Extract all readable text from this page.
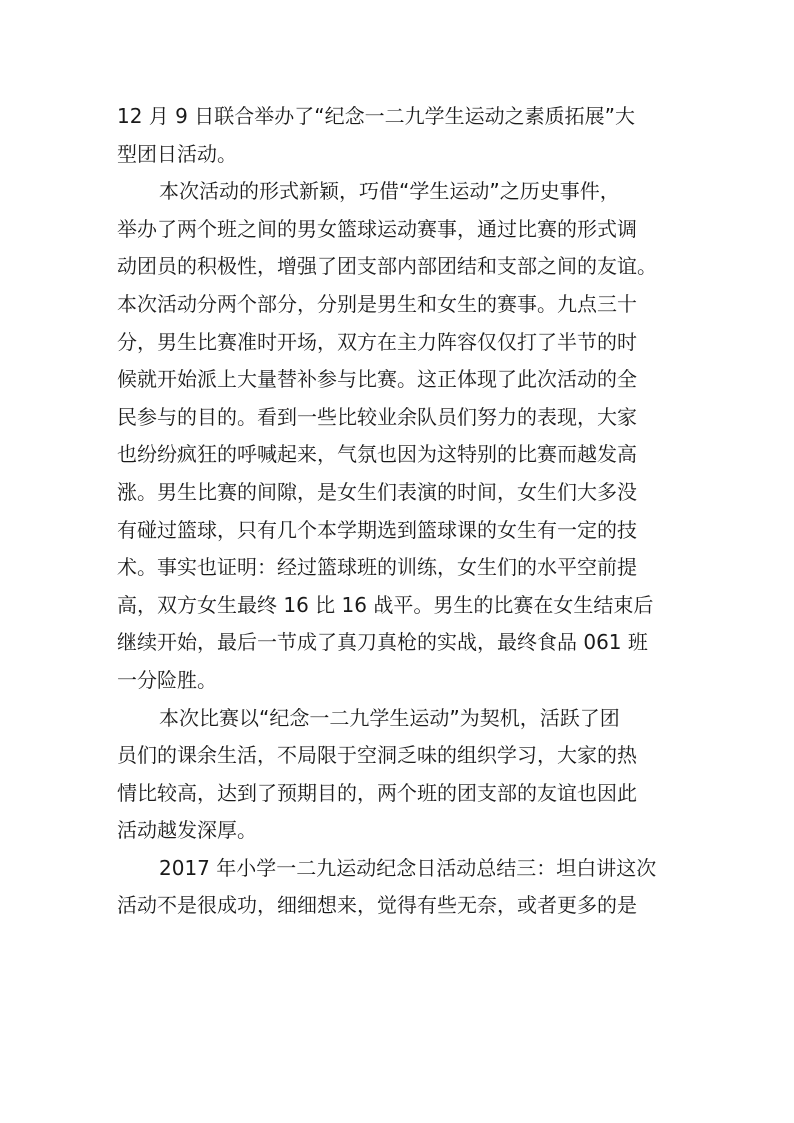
12 月 9 日联合举办了“纪念一二九学生运动之素质拓展”大
型团日活动。
本次活动的形式新颖，巧借“学生运动”之历史事件，
举办了两个班之间的男女篮球运动赛事，通过比赛的形式调
动团员的积极性，增强了团支部内部团结和支部之间的友谊。
本次活动分两个部分，分别是男生和女生的赛事。九点三十
分，男生比赛准时开场，双方在主力阵容仅仅打了半节的时
候就开始派上大量替补参与比赛。这正体现了此次活动的全
民参与的目的。看到一些比较业余队员们努力的表现，大家
也纷纷疯狂的呼喊起来，气氛也因为这特别的比赛而越发高
涨。男生比赛的间隙，是女生们表演的时间，女生们大多没
有碰过篮球，只有几个本学期选到篮球课的女生有一定的技
术。事实也证明：经过篮球班的训练，女生们的水平空前提
高，双方女生最终 16 比 16 战平。男生的比赛在女生结束后
继续开始，最后一节成了真刀真枪的实战，最终食品 061 班
一分险胜。
本次比赛以“纪念一二九学生运动”为契机，活跃了团
员们的课余生活，不局限于空洞乏味的组织学习，大家的热
情比较高，达到了预期目的，两个班的团支部的友谊也因此
活动越发深厚。
2017 年小学一二九运动纪念日活动总结三：坦白讲这次
活动不是很成功，细细想来，觉得有些无奈，或者更多的是
